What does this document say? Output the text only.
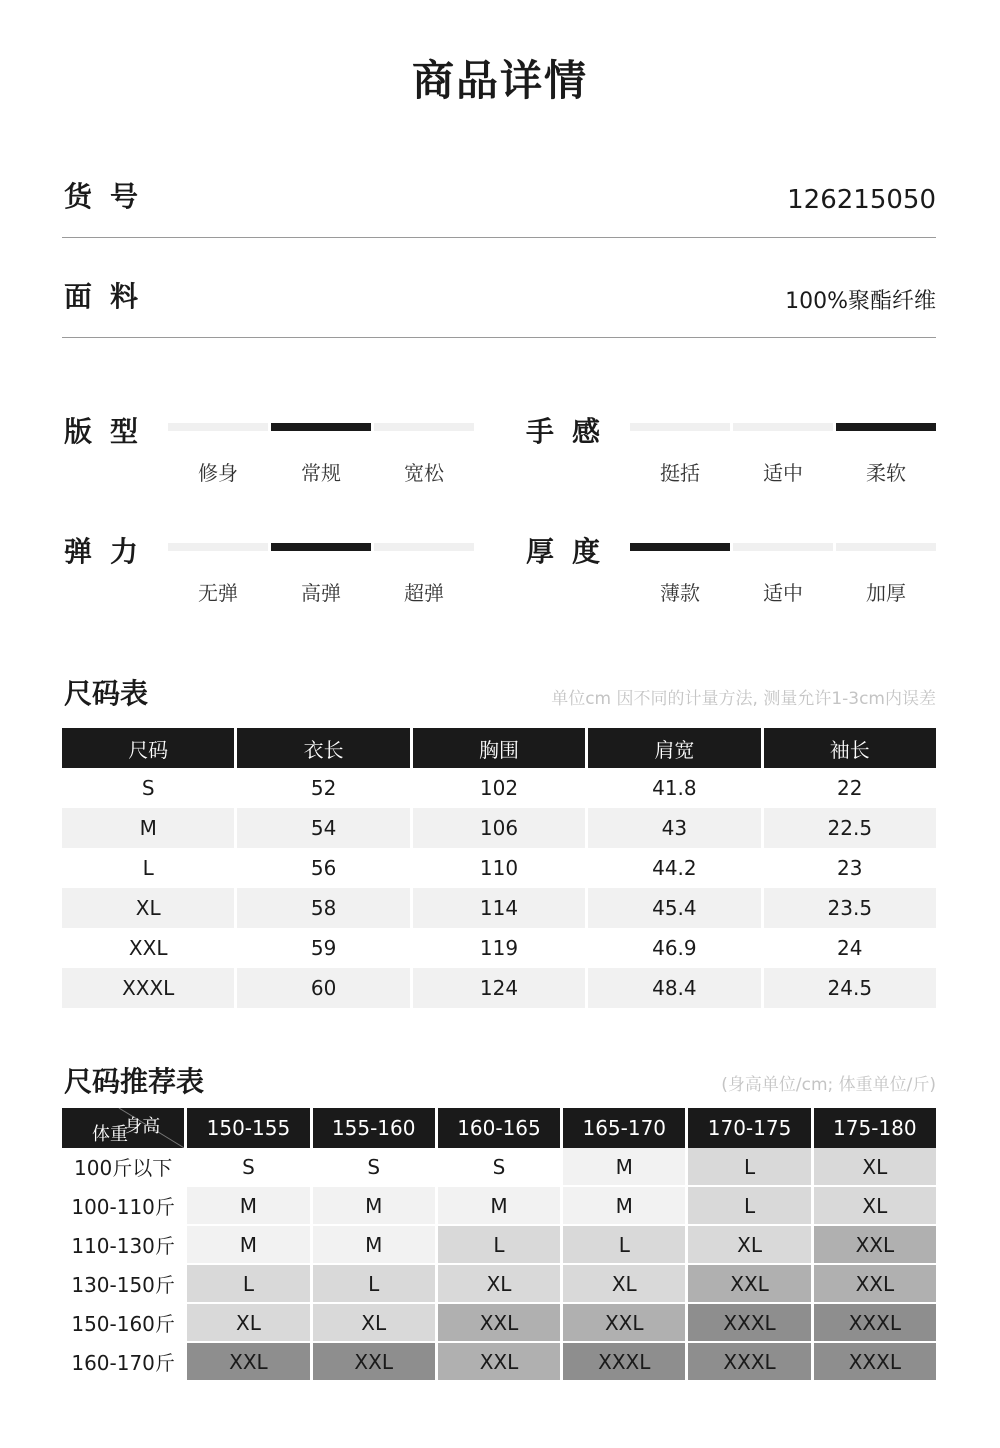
商品详情
货号	126215050
面料	100%聚酯纤维
版型
修身	常规	宽松
手感
挺括	适中	柔软
弹力
无弹	高弹	超弹
厚度
薄款	适中	加厚
尺码表	单位cm 因不同的计量方法, 测量允许1-3cm内误差
尺码	衣长	胸围	肩宽	袖长
S	52	102	41.8	22
M	54	106	43	22.5
L	56	110	44.2	23
XL	58	114	45.4	23.5
XXL	59	119	46.9	24
XXXL	60	124	48.4	24.5
尺码推荐表	(身高单位/cm; 体重单位/斤)
身高
体重	150-155	155-160	160-165	165-170	170-175	175-180
100斤以下	S	S	S	M	L	XL
100-110斤	M	M	M	M	L	XL
110-130斤	M	M	L	L	XL	XXL
130-150斤	L	L	XL	XL	XXL	XXL
150-160斤	XL	XL	XXL	XXL	XXXL	XXXL
160-170斤	XXL	XXL	XXL	XXXL	XXXL	XXXL
